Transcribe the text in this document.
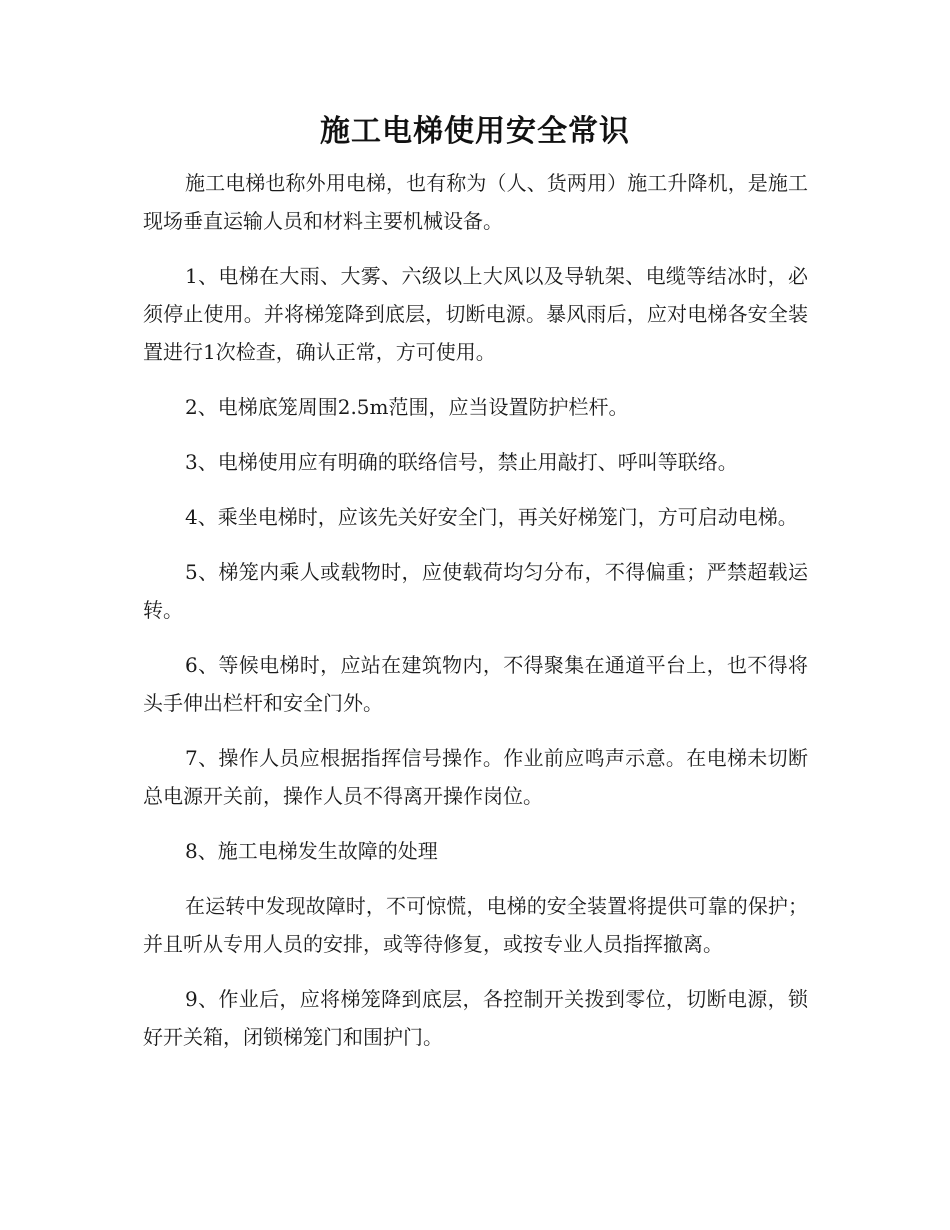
施工电梯使用安全常识

施工电梯也称外用电梯，也有称为（人、货两用）施工升降机，是施工现场垂直运输人员和材料主要机械设备。

1、电梯在大雨、大雾、六级以上大风以及导轨架、电缆等结冰时，必须停止使用。并将梯笼降到底层，切断电源。暴风雨后，应对电梯各安全装置进行1次检查，确认正常，方可使用。

2、电梯底笼周围2.5m范围，应当设置防护栏杆。

3、电梯使用应有明确的联络信号，禁止用敲打、呼叫等联络。

4、乘坐电梯时，应该先关好安全门，再关好梯笼门，方可启动电梯。

5、梯笼内乘人或载物时，应使载荷均匀分布，不得偏重；严禁超载运转。

6、等候电梯时，应站在建筑物内，不得聚集在通道平台上，也不得将头手伸出栏杆和安全门外。

7、操作人员应根据指挥信号操作。作业前应鸣声示意。在电梯未切断总电源开关前，操作人员不得离开操作岗位。

8、施工电梯发生故障的处理

在运转中发现故障时，不可惊慌，电梯的安全装置将提供可靠的保护；并且听从专用人员的安排，或等待修复，或按专业人员指挥撤离。

9、作业后，应将梯笼降到底层，各控制开关拨到零位，切断电源，锁好开关箱，闭锁梯笼门和围护门。
